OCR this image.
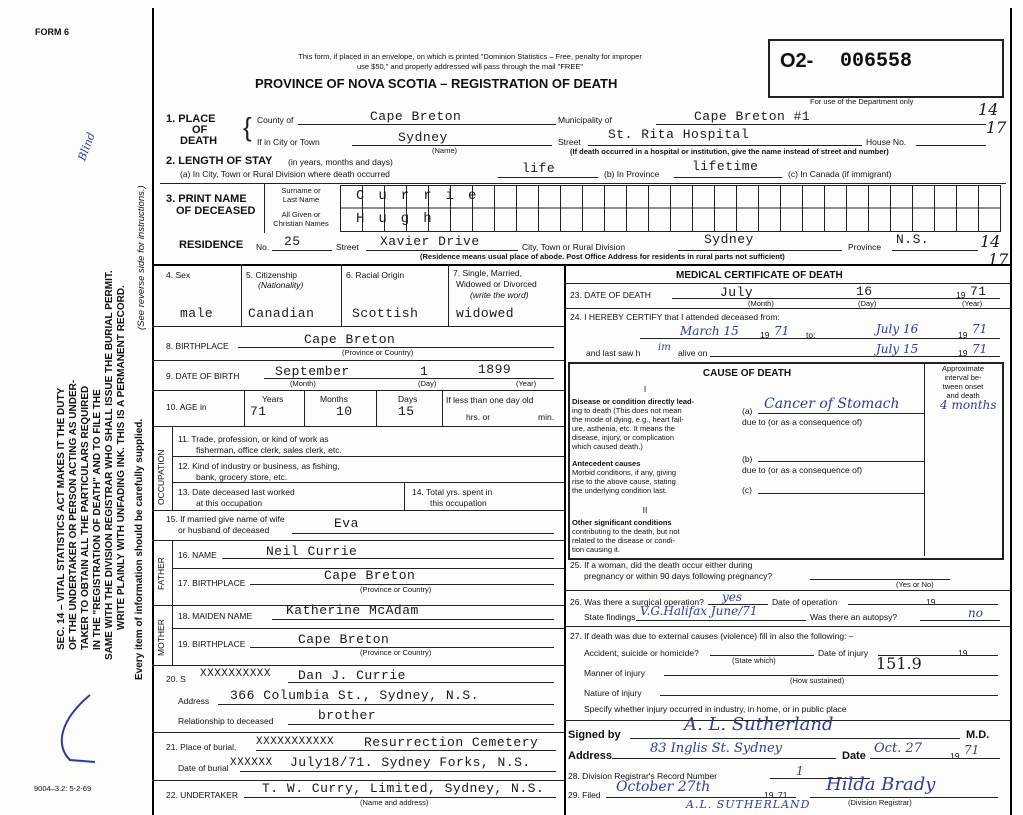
FORM 6
This form, if placed in an envelope, on which is printed "Dominion Statistics – Free, penalty for improper
use $50," and properly addressed will pass through the mail "FREE"
PROVINCE OF NOVA SCOTIA – REGISTRATION OF DEATH
O2- 006558
For use of the Department only	14
17
SEC. 14 – VITAL STATISTICS ACT MAKES IT THE DUTY OF THE UNDERTAKER OR PERSON ACTING AS UNDER- TAKER TO OBTAIN ALL THE PARTICULARS REQUIRED IN THE "REGISTRATION OF DEATH" AND TO FILE THE SAME WITH THE DIVISION REGISTRAR WHO SHALL ISSUE THE BURIAL PERMIT. WRITE PLAINLY WITH UNFADING INK. THIS IS A PERMANENT RECORD. Every item of information should be carefully supplied.
(See reverse side for instructions.)
Blind
9004–3.2: 5-2-69
1. PLACE
OF
DEATH { County of	Cape Breton	Municipality of	Cape Breton #1
If in City or Town	Sydney
(Name)
Street St. Rita Hospital	House No.
(If death occurred in a hospital or institution, give the name instead of street and number)
2. LENGTH OF STAY (in years, months and days)
(a) In City, Town or Rural Division where death occurred	life	(b) In Province	lifetime	(c) In Canada (if immigrant)
3. PRINT NAME
OF DECEASED
Surname or
Last Name
All Given or
Christian Names
Currie
Hugh
RESIDENCE No. 25	Street Xavier Drive	City, Town or Rural Division	Sydney	Province N.S.
(Residence means usual place of abode. Post Office Address for residents in rural parts not sufficient)
14
17
4. Sex
male
5. Citizenship
(Nationality)
Canadian
6. Racial Origin
Scottish
7. Single, Married,
Widowed or Divorced
(write the word)
widowed
8. BIRTHPLACE	Cape Breton
(Province or Country)
9. DATE OF BIRTH	September	1	1899
(Month)	(Day)	(Year)
10. AGE in
Years
71
Months
10
Days
15
If less than one day old
hrs. or	min.
OCCUPATION
11. Trade, profession, or kind of work as
fisherman, office clerk, sales clerk, etc.
12. Kind of industry or business, as fishing,
bank, grocery store, etc.
13. Date deceased last worked
at this occupation
14. Total yrs. spent in
this occupation
15. If married give name of wife
or husband of deceased	Eva
FATHER
16. NAME	Neil Currie
17. BIRTHPLACE	Cape Breton
(Province or Country)
MOTHER
18. MAIDEN NAME	Katherine McAdam
19. BIRTHPLACE	Cape Breton
(Province or Country)
20. S XXXXXXXXXX Dan J. Currie
Address 366 Columbia St., Sydney, N.S.
Relationship to deceased	brother
21. Place of burial, XXXXXXXXXXX Resurrection Cemetery
Date of burial XXXXXX July18/71. Sydney Forks, N.S.
22. UNDERTAKER T. W. Curry, Limited, Sydney, N.S.
(Name and address)
MEDICAL CERTIFICATE OF DEATH
23. DATE OF DEATH	July	16	19 71
(Month)	(Day)	(Year)
24. I HEREBY CERTIFY that I attended deceased from:
March 15	19 71 to:	July 16	19 71
and last saw h im alive on	July 15	19 71
CAUSE OF DEATH	Approximate
interval be-
tween onset
and death
I
Disease or condition directly lead-
ing to death (This does not mean
the mode of dying, e.g., heart fail-
ure, asthenia, etc. It means the
disease, injury, or complication
which caused death.)
(a) Cancer of Stomach	4 months
due to (or as a consequence of)
Antecedent causes
Morbid conditions, if any, giving
rise to the above cause, stating
the underlying condition last.
(b)
due to (or as a consequence of)
(c)
II
Other significant conditions
contributing to the death, but not
related to the disease or condi-
tion causing it.
25. If a woman, did the death occur either during
pregnancy or within 90 days following pregnancy?
(Yes or No)
26. Was there a surgical operation? yes	Date of operation	19
State findings V.G.Halifax June/71	Was there an autopsy?	no
27. If death was due to external causes (violence) fill in also the following: –
Accident, suicide or homicide?	Date of injury	19
(State which)
Manner of injury	151.9
(How sustained)
Nature of injury
Specify whether injury occurred in industry, in home, or in public place
Signed by	A. L. Sutherland	M.D.
Address	83 Inglis St. Sydney	Date Oct. 27	19 71
28. Division Registrar's Record Number	1
29. Filed October 27th	19 71 Hilda Brady
(Division Registrar)
A.L. SUTHERLAND
